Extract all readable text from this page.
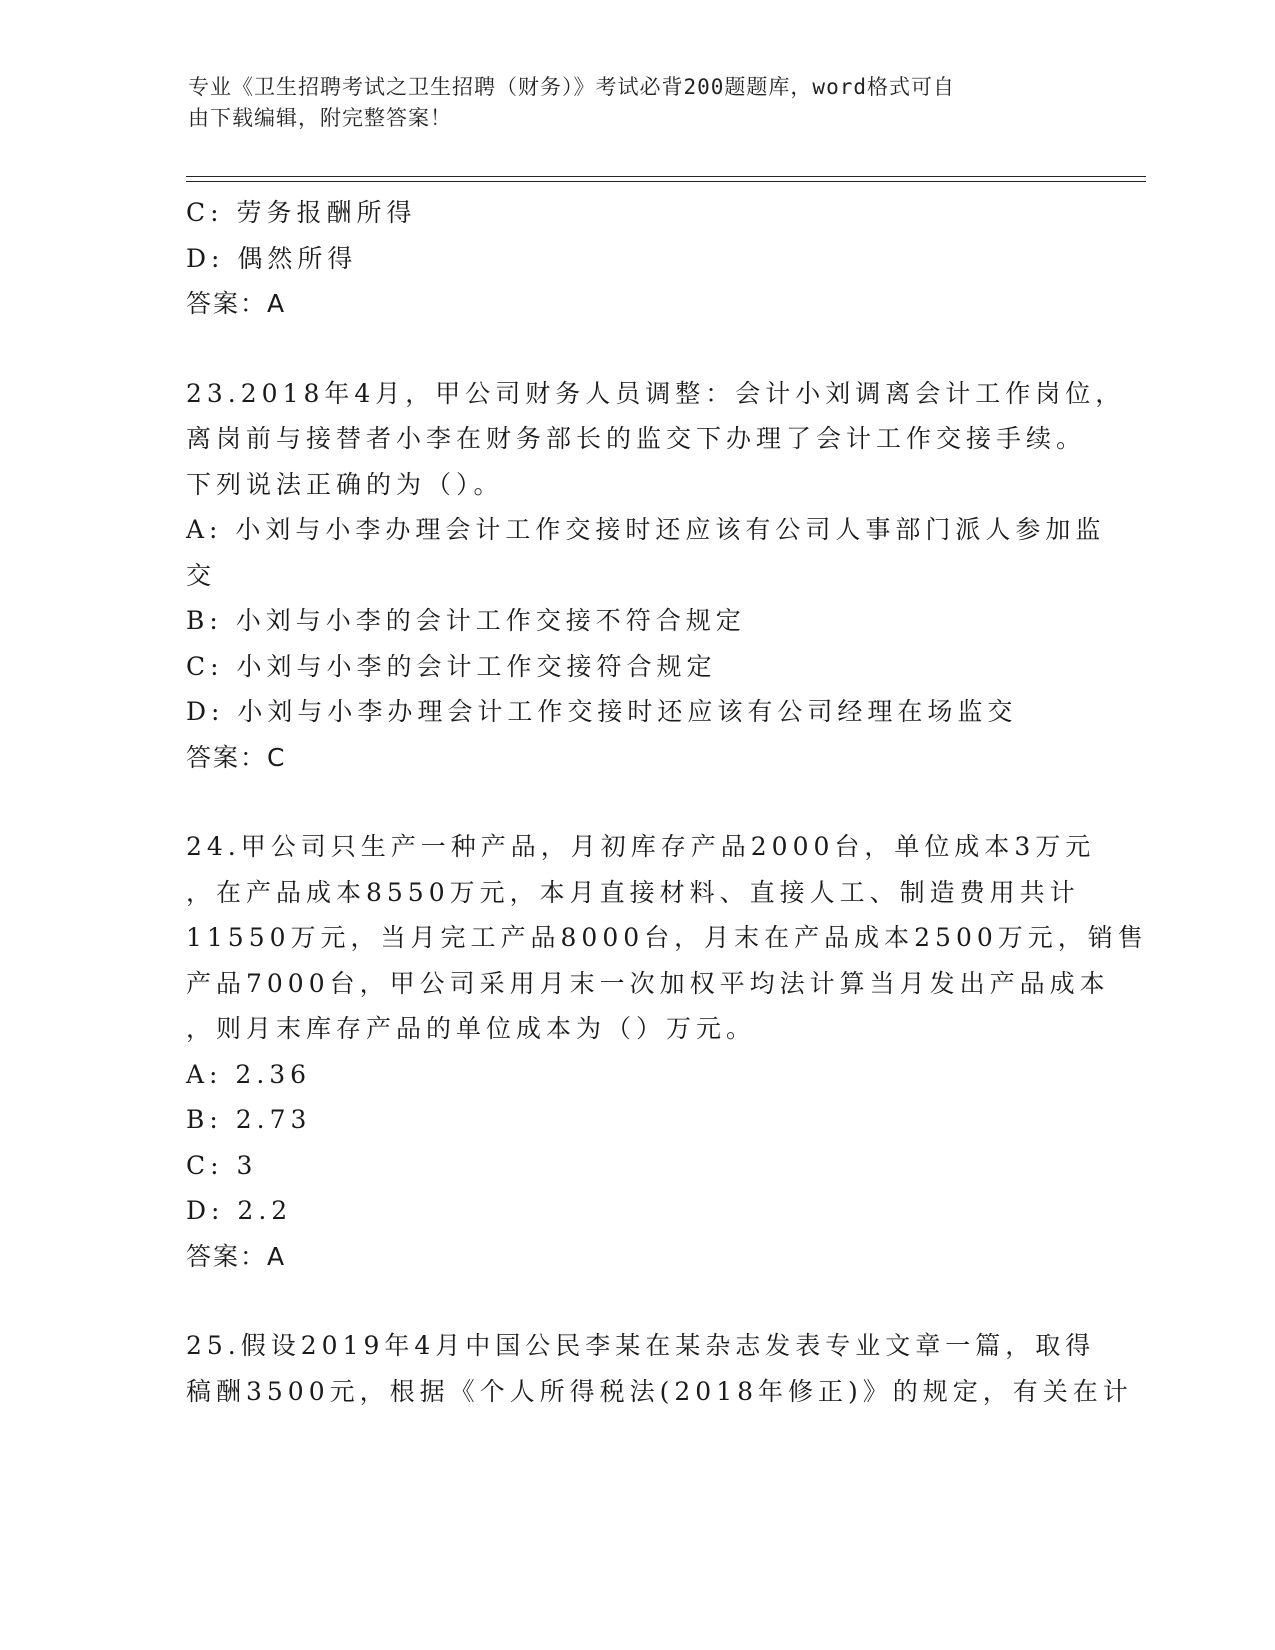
专业《卫生招聘考试之卫生招聘（财务）》考试必背200题题库，word格式可自
由下载编辑，附完整答案！
C: 劳务报酬所得
D: 偶然所得
答案：A
23.2018年4月，甲公司财务人员调整：会计小刘调离会计工作岗位，
离岗前与接替者小李在财务部长的监交下办理了会计工作交接手续。
下列说法正确的为（）。
A: 小刘与小李办理会计工作交接时还应该有公司人事部门派人参加监
交
B: 小刘与小李的会计工作交接不符合规定
C: 小刘与小李的会计工作交接符合规定
D: 小刘与小李办理会计工作交接时还应该有公司经理在场监交
答案：C
24.甲公司只生产一种产品，月初库存产品2000台，单位成本3万元
，在产品成本8550万元，本月直接材料、直接人工、制造费用共计
11550万元，当月完工产品8000台，月末在产品成本2500万元，销售
产品7000台，甲公司采用月末一次加权平均法计算当月发出产品成本
，则月末库存产品的单位成本为（）万元。
A: 2.36
B: 2.73
C: 3
D: 2.2
答案：A
25.假设2019年4月中国公民李某在某杂志发表专业文章一篇，取得
稿酬3500元，根据《个人所得税法(2018年修正)》的规定，有关在计
